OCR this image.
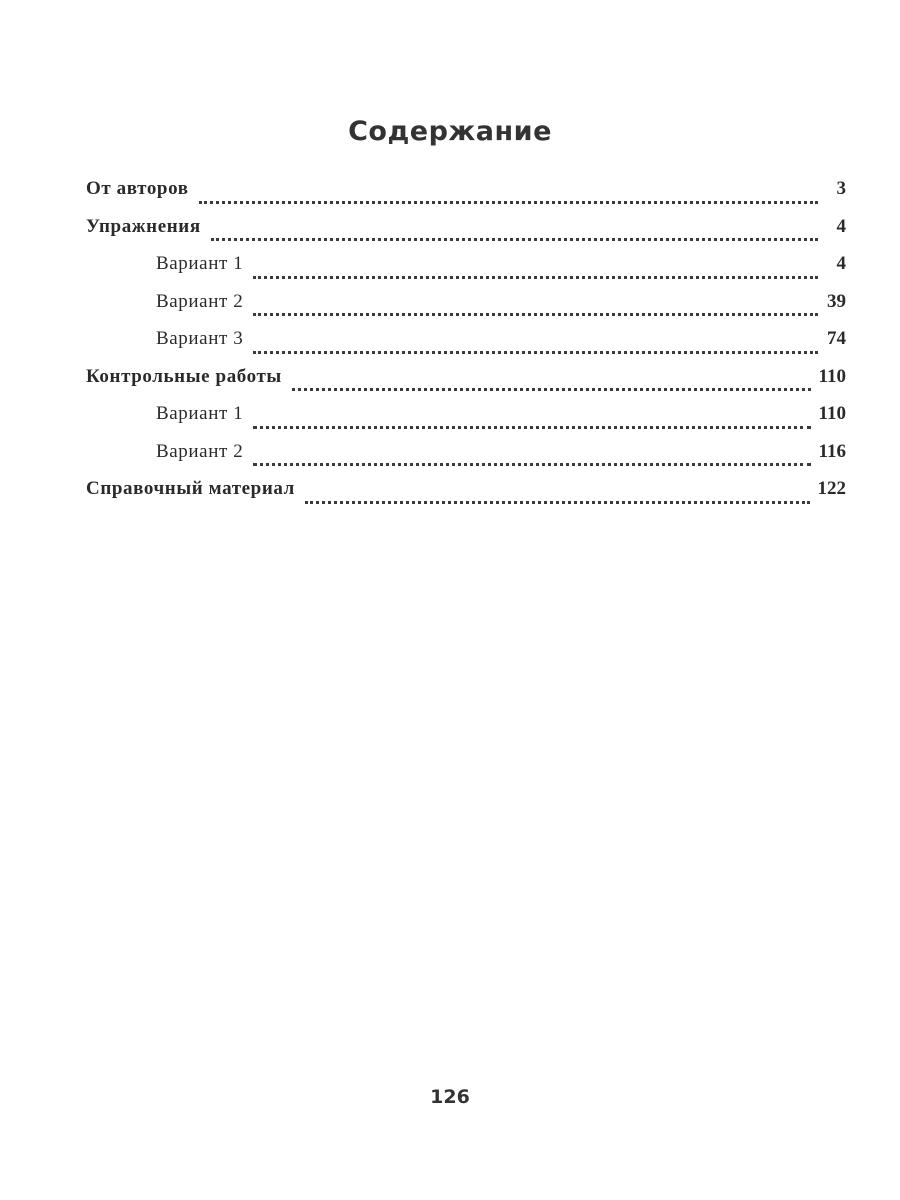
Содержание
От авторов	3
Упражнения	4
Вариант 1	4
Вариант 2	39
Вариант 3	74
Контрольные работы	110
Вариант 1	110
Вариант 2	116
Справочный материал	122
126
